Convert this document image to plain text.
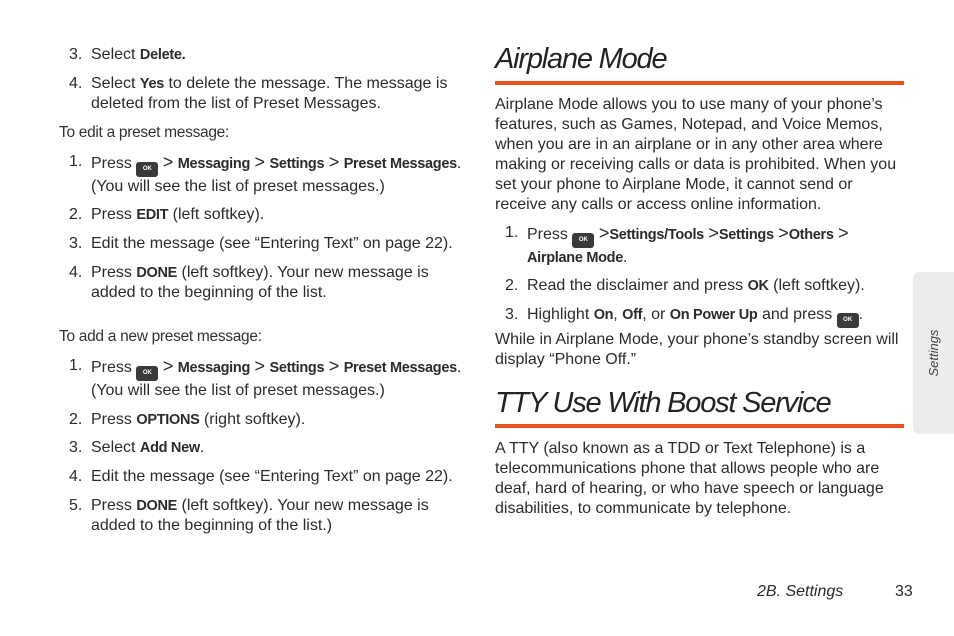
3. Select Delete.
4. Select Yes to delete the message. The message is deleted from the list of Preset Messages.
To edit a preset message:
1. Press OK > Messaging > Settings > Preset Messages. (You will see the list of preset messages.)
2. Press EDIT (left softkey).
3. Edit the message (see “Entering Text” on page 22).
4. Press DONE (left softkey). Your new message is added to the beginning of the list.
To add a new preset message:
1. Press OK > Messaging > Settings > Preset Messages. (You will see the list of preset messages.)
2. Press OPTIONS (right softkey).
3. Select Add New.
4. Edit the message (see “Entering Text” on page 22).
5. Press DONE (left softkey). Your new message is added to the beginning of the list.)
Airplane Mode

Airplane Mode allows you to use many of your phone’s features, such as Games, Notepad, and Voice Memos, when you are in an airplane or in any other area where making or receiving calls or data is prohibited. When you set your phone to Airplane Mode, it cannot send or receive any calls or access online information.

1. Press OK >Settings/Tools >Settings >Others > Airplane Mode.
2. Read the disclaimer and press OK (left softkey).
3. Highlight On, Off, or On Power Up and press OK .

While in Airplane Mode, your phone’s standby screen will display “Phone Off.”

TTY Use With Boost Service

A TTY (also known as a TDD or Text Telephone) is a telecommunications phone that allows people who are deaf, hard of hearing, or who have speech or language disabilities, to communicate by telephone.

Settings
2B. Settings	33
